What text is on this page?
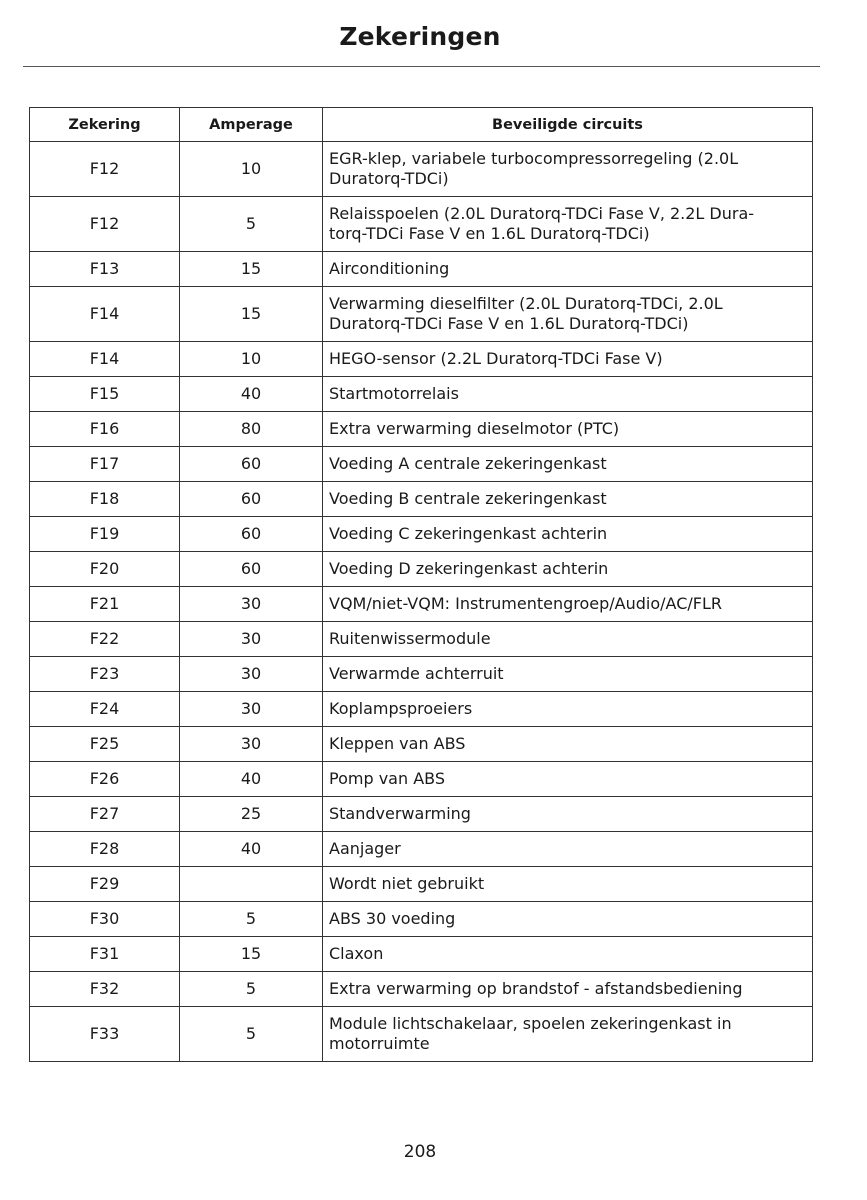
Zekeringen
Zekering	Amperage	Beveiligde circuits
F12	10	EGR-klep, variabele turbocompressorregeling (2.0L
Duratorq-TDCi)

F12	5	Relaisspoelen (2.0L Duratorq-TDCi Fase V, 2.2L Dura-
torq-TDCi Fase V en 1.6L Duratorq-TDCi)

F13	15	Airconditioning

F14	15	Verwarming dieselfilter (2.0L Duratorq-TDCi, 2.0L
Duratorq-TDCi Fase V en 1.6L Duratorq-TDCi)

F14	10	HEGO-sensor (2.2L Duratorq-TDCi Fase V)

F15	40	Startmotorrelais

F16	80	Extra verwarming dieselmotor (PTC)

F17	60	Voeding A centrale zekeringenkast

F18	60	Voeding B centrale zekeringenkast

F19	60	Voeding C zekeringenkast achterin

F20	60	Voeding D zekeringenkast achterin

F21	30	VQM/niet-VQM: Instrumentengroep/Audio/AC/FLR

F22	30	Ruitenwissermodule

F23	30	Verwarmde achterruit

F24	30	Koplampsproeiers

F25	30	Kleppen van ABS

F26	40	Pomp van ABS

F27	25	Standverwarming

F28	40	Aanjager

F29		Wordt niet gebruikt

F30	5	ABS 30 voeding

F31	15	Claxon

F32	5	Extra verwarming op brandstof - afstandsbediening

F33	5	Module lichtschakelaar, spoelen zekeringenkast in
motorruimte
208
